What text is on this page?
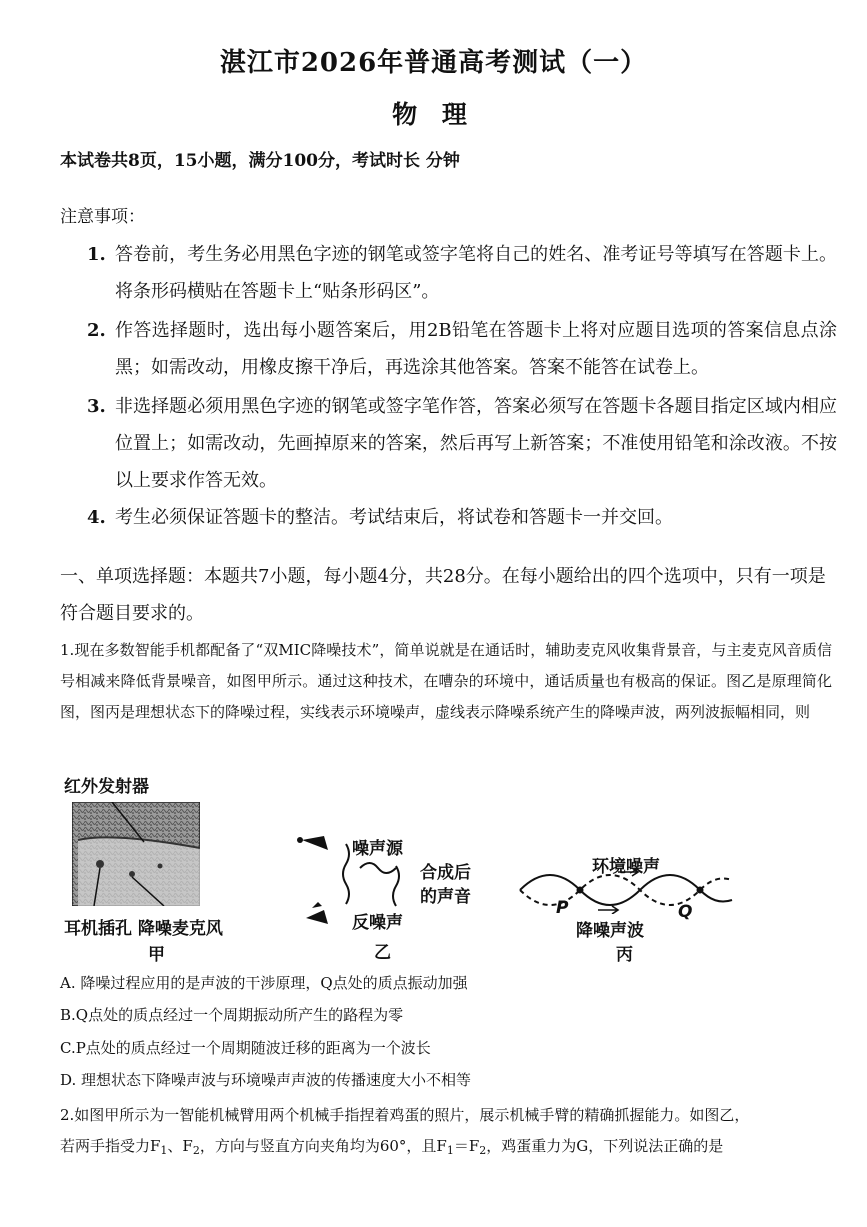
湛江市2026年普通高考测试（一）
物 理
本试卷共8页，15小题，满分100分，考试时长 分钟
注意事项：
1. 答卷前，考生务必用黑色字迹的钢笔或签字笔将自己的姓名、准考证号等填写在答题卡上。将条形码横贴在答题卡上“贴条形码区”。
2. 作答选择题时，选出每小题答案后，用2B铅笔在答题卡上将对应题目选项的答案信息点涂黑；如需改动，用橡皮擦干净后，再选涂其他答案。答案不能答在试卷上。
3. 非选择题必须用黑色字迹的钢笔或签字笔作答，答案必须写在答题卡各题目指定区域内相应位置上；如需改动，先画掉原来的答案，然后再写上新答案；不准使用铅笔和涂改液。不按以上要求作答无效。
4. 考生必须保证答题卡的整洁。考试结束后，将试卷和答题卡一并交回。
一、单项选择题：本题共7小题，每小题4分，共28分。在每小题给出的四个选项中，只有一项是符合题目要求的。
1.现在多数智能手机都配备了“双MIC降噪技术”，简单说就是在通话时，辅助麦克风收集背景音，与主麦克风音质信号相减来降低背景噪音，如图甲所示。通过这种技术，在嘈杂的环境中，通话质量也有极高的保证。图乙是原理简化图，图丙是理想状态下的降噪过程，实线表示环境噪声，虚线表示降噪系统产生的降噪声波，两列波振幅相同，则
红外发射器
耳机插孔 降噪麦克风
甲
噪声源
合成后
的声音
反噪声
乙
环境噪声
P	Q
降噪声波
丙
A. 降噪过程应用的是声波的干涉原理，Q点处的质点振动加强
B.Q点处的质点经过一个周期振动所产生的路程为零
C.P点处的质点经过一个周期随波迁移的距离为一个波长
D. 理想状态下降噪声波与环境噪声声波的传播速度大小不相等
2.如图甲所示为一智能机械臂用两个机械手指捏着鸡蛋的照片，展示机械手臂的精确抓握能力。如图乙，
若两手指受力$F_1$、$F_2$，方向与竖直方向夹角均为60°，且$F_1=F_2$，鸡蛋重力为G，下列说法正确的是
